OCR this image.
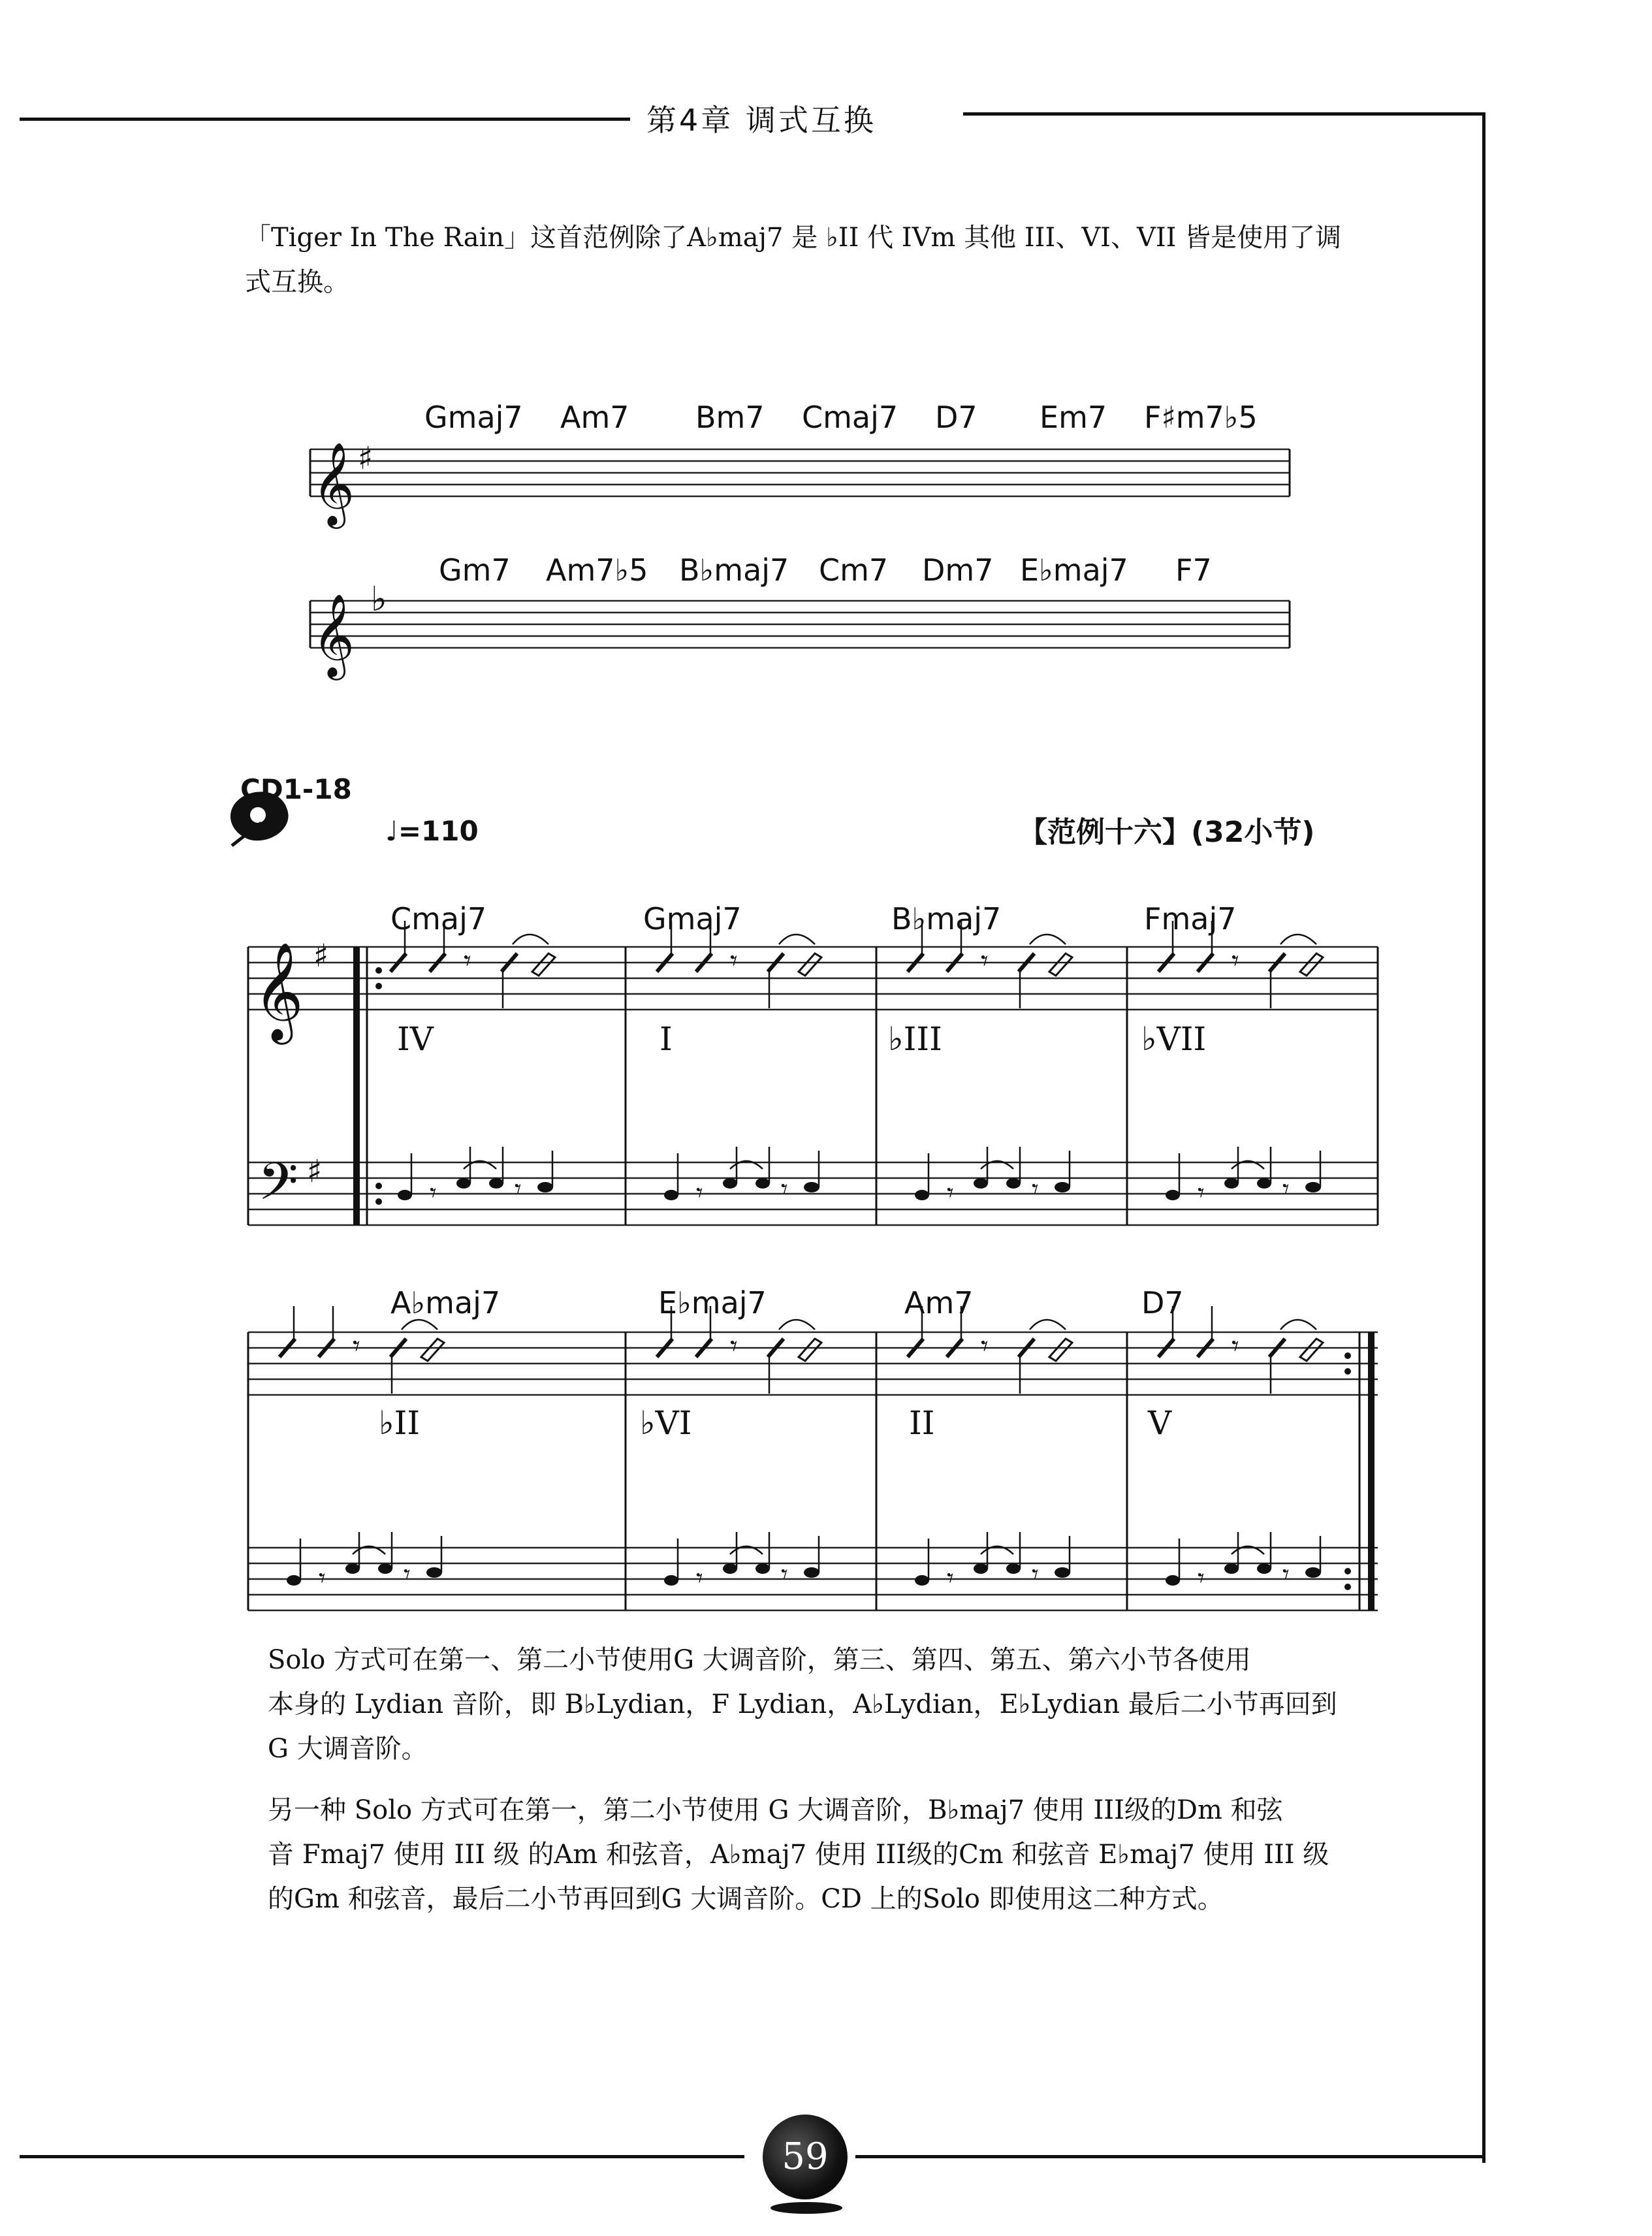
第4章 调式互换

「Tiger In The Rain」这首范例除了A♭maj7 是 ♭II 代 IVm 其他 III、VI、VII 皆是使用了调

式互换。

Gmaj7 Am7 Bm7 Cmaj7 D7 Em7 F♯m7♭5
Gm7 Am7♭5 B♭maj7 Cm7 Dm7 E♭maj7 F7
CD1-18
♩=110	【范例十六】(32小节)
Cmaj7	Gmaj7	B♭maj7	Fmaj7
IV	I	♭III	♭VII
A♭maj7	E♭maj7	Am7	D7
♭II	♭VI	II	V
𝄞 ♯
𝄞 ♭
𝄞
𝄢
♯
♯
𝄾
𝄾	𝄾
𝄾
𝄾	𝄾
𝄾
𝄾	𝄾
𝄾
𝄾	𝄾
𝄾
𝄾	𝄾
𝄾
𝄾	𝄾
𝄾
𝄾	𝄾
𝄾
𝄾	𝄾

Solo 方式可在第一、第二小节使用G 大调音阶，第三、第四、第五、第六小节各使用
本身的 Lydian 音阶，即 B♭Lydian，F Lydian，A♭Lydian，E♭Lydian 最后二小节再回到
G 大调音阶。

另一种 Solo 方式可在第一，第二小节使用 G 大调音阶，B♭maj7 使用 III级的Dm 和弦
音 Fmaj7 使用 III 级 的Am 和弦音，A♭maj7 使用 III级的Cm 和弦音 E♭maj7 使用 III 级
的Gm 和弦音，最后二小节再回到G 大调音阶。CD 上的Solo 即使用这二种方式。

59
